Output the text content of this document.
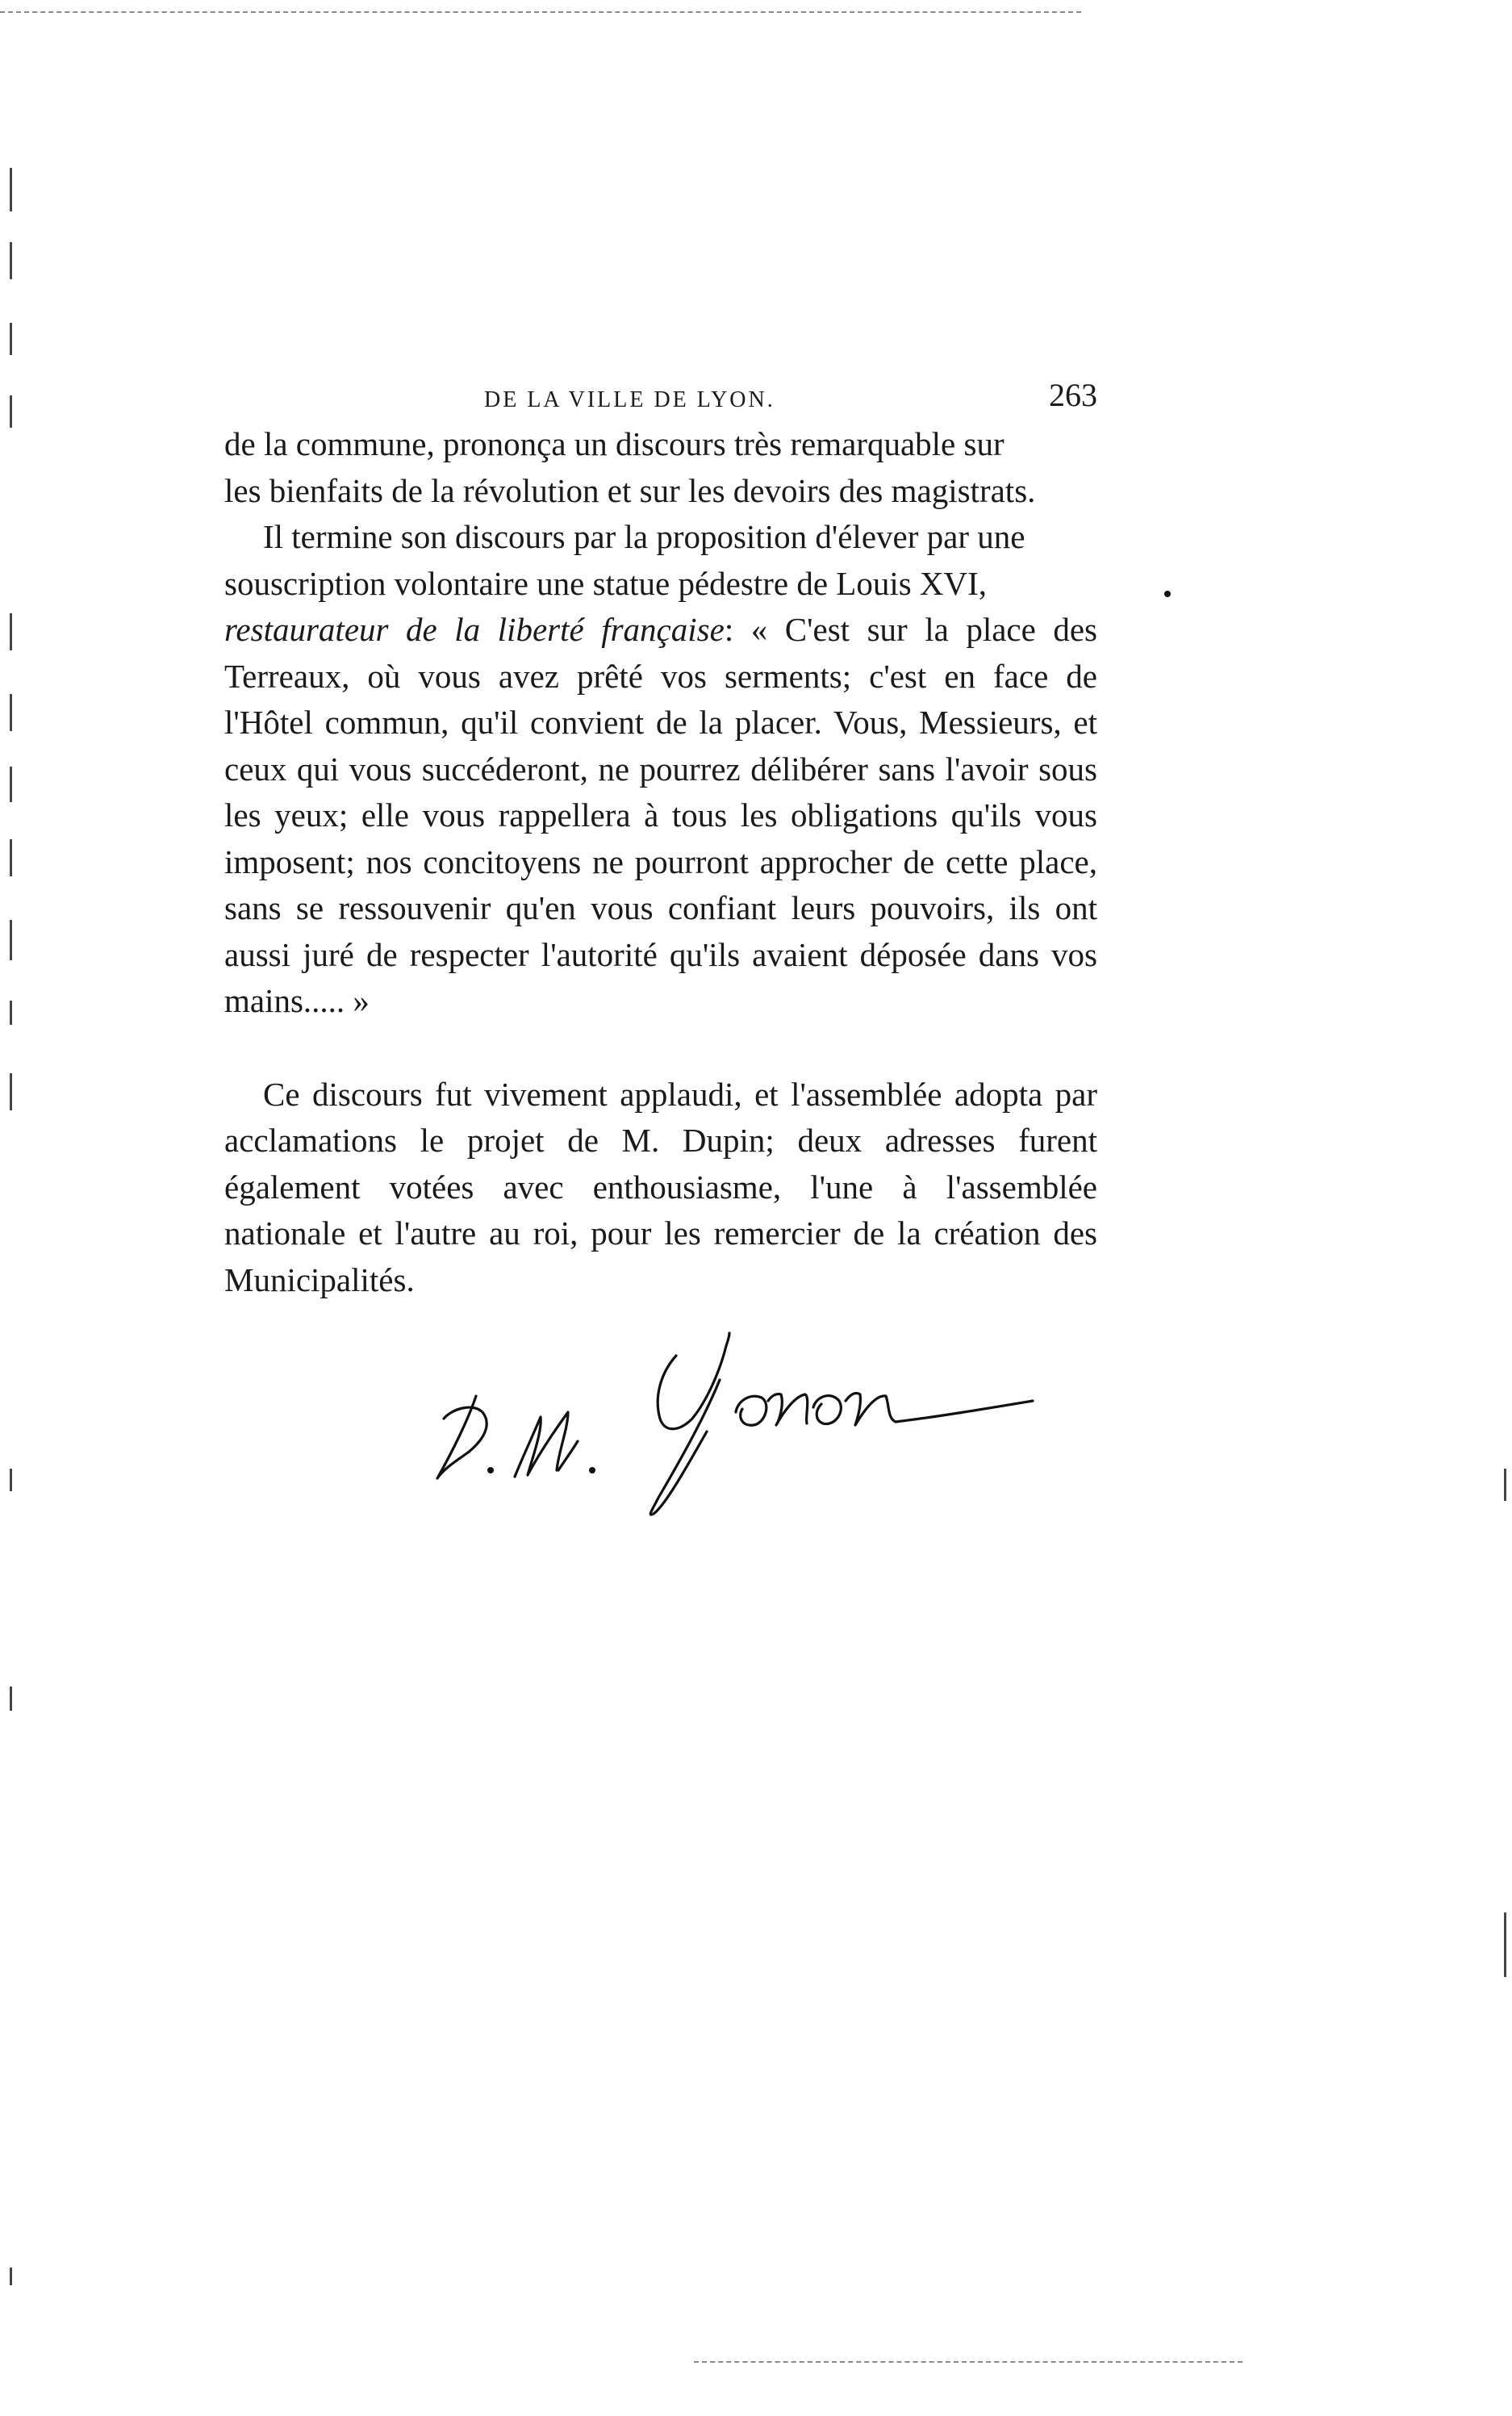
DE LA VILLE DE LYON.	263

de la commune, prononça un discours très remarquable sur
les bienfaits de la révolution et sur les devoirs des magistrats.

Il termine son discours par la proposition d'élever par une
souscription volontaire une statue pédestre de Louis XVI,
restaurateur de la liberté française: « C'est sur la place des Terreaux, où vous avez prêté vos serments; c'est en face de l'Hôtel commun, qu'il convient de la placer. Vous, Messieurs, et ceux qui vous succéderont, ne pourrez délibérer sans l'avoir sous les yeux; elle vous rappellera à tous les obligations qu'ils vous imposent; nos concitoyens ne pourront approcher de cette place, sans se ressouvenir qu'en vous confiant leurs pouvoirs, ils ont aussi juré de respecter l'autorité qu'ils avaient déposée dans vos mains..... »

Ce discours fut vivement applaudi, et l'assemblée adopta par acclamations le projet de M. Dupin; deux adresses furent également votées avec enthousiasme, l'une à l'assemblée nationale et l'autre au roi, pour les remercier de la création des Municipalités.
